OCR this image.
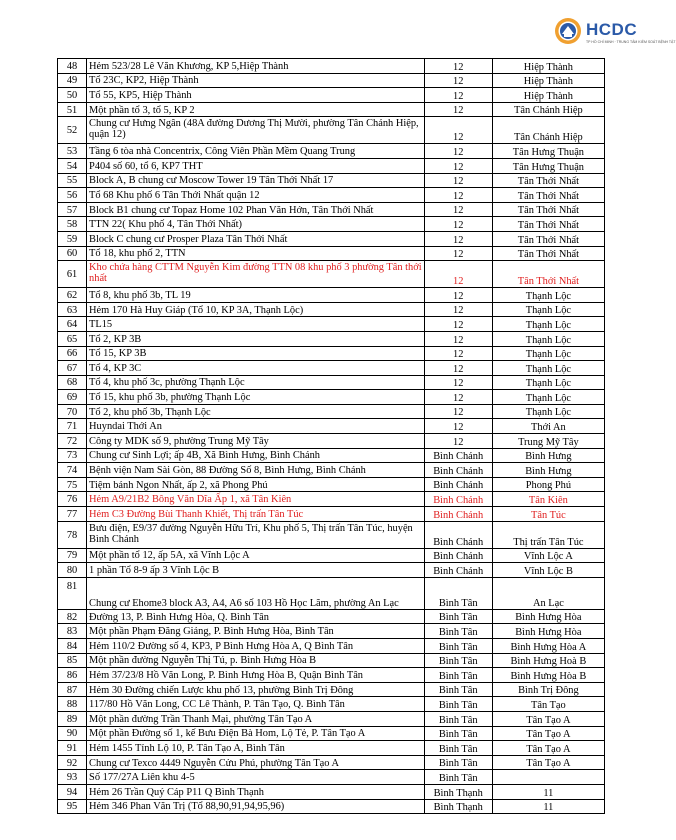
HCDC
TP HỒ CHÍ MINH · TRUNG TÂM KIỂM SOÁT BỆNH TẬT
48	Hẻm 523/28 Lê Văn Khương, KP 5,Hiệp Thành	12	Hiệp Thành
49	Tổ 23C, KP2, Hiệp Thành	12	Hiệp Thành
50	Tổ 55, KP5, Hiệp Thành	12	Hiệp Thành
51	Một phần tổ 3, tổ 5, KP 2	12	Tân Chánh Hiệp
52	Chung cư Hưng Ngân (48A đường Dương Thị Mười, phường Tân Chánh Hiệp, quận 12)	12	Tân Chánh Hiệp
53	Tầng 6 tòa nhà Concentrix, Công Viên Phần Mềm Quang Trung	12	Tân Hưng Thuận
54	P404 số 60, tổ 6, KP7 THT	12	Tân Hưng Thuận
55	Block A, B chung cư Moscow Tower 19 Tân Thới Nhất 17	12	Tân Thới Nhất
56	Tổ 68 Khu phố 6 Tân Thới Nhất quận 12	12	Tân Thới Nhất
57	Block B1 chung cư Topaz Home 102 Phan Văn Hớn, Tân Thới Nhất	12	Tân Thới Nhất
58	TTN 22( Khu phố 4, Tân Thới Nhất)	12	Tân Thới Nhất
59	Block C chung cư Prosper Plaza Tân Thới Nhất	12	Tân Thới Nhất
60	Tổ 18, khu phố 2, TTN	12	Tân Thới Nhất
61	Kho chứa hàng CTTM Nguyễn Kim đường TTN 08 khu phố 3 phường Tân thới nhất	12	Tân Thới Nhất
62	Tổ 8, khu phố 3b, TL 19	12	Thạnh Lộc
63	Hẻm 170 Hà Huy Giáp (Tổ 10, KP 3A, Thạnh Lộc)	12	Thạnh Lộc
64	TL15	12	Thạnh Lộc
65	Tổ 2, KP 3B	12	Thạnh Lộc
66	Tổ 15, KP 3B	12	Thạnh Lộc
67	Tổ 4, KP 3C	12	Thạnh Lộc
68	Tổ 4, khu phố 3c, phường Thạnh Lộc	12	Thạnh Lộc
69	Tổ 15, khu phố 3b, phường Thạnh Lộc	12	Thạnh Lộc
70	Tổ 2, khu phố 3b, Thạnh Lộc	12	Thạnh Lộc
71	Huyndai Thới An	12	Thới An
72	Công ty MDK số 9, phường Trung Mỹ Tây	12	Trung Mỹ Tây
73	Chung cư Sinh Lợi; ấp 4B, Xã Bình Hưng, Bình Chánh	Bình Chánh	Bình Hưng
74	Bệnh viện Nam Sài Gòn, 88 Đường Số 8, Bình Hưng, Bình Chánh	Bình Chánh	Bình Hưng
75	Tiệm bánh Ngon Nhất, ấp 2, xã Phong Phú	Bình Chánh	Phong Phú
76	Hẻm A9/21B2 Bông Văn Dĩa Ấp 1, xã Tân Kiên	Bình Chánh	Tân Kiên
77	Hẻm C3 Đường Bùi Thanh Khiết, Thị trấn Tân Túc	Bình Chánh	Tân Túc
78	Bưu điện, E9/37 đường Nguyễn Hữu Trí, Khu phố 5, Thị trấn Tân Túc, huyện Bình Chánh	Bình Chánh	Thị trấn Tân Túc
79	Một phần tổ 12, ấp 5A, xã Vĩnh Lộc A	Bình Chánh	Vĩnh Lộc A
80	1 phần Tổ 8-9 ấp 3 Vĩnh Lộc B	Bình Chánh	Vĩnh Lộc B
81	Chung cư Ehome3 block A3, A4, A6 số 103 Hồ Học Lãm, phường An Lạc	Bình Tân	An Lạc
82	Đường 13, P. Bình Hưng Hòa, Q. Bình Tân	Bình Tân	Bình Hưng Hòa
83	Một phần Phạm Đăng Giảng, P. Bình Hưng Hòa, Bình Tân	Bình Tân	Bình Hưng Hòa
84	Hẻm 110/2 Đường số 4, KP3, P Bình Hưng Hòa A, Q Bình Tân	Bình Tân	Bình Hưng Hòa A
85	Một phần đường Nguyễn Thị Tú, p. Bình Hưng Hòa B	Bình Tân	Bình Hưng Hoà B
86	Hẻm 37/23/8 Hồ Văn Long, P. Bình Hưng Hòa B, Quận Bình Tân	Bình Tân	Bình Hưng Hòa B
87	Hẻm 30 Đường chiến Lược khu phố 13, phường Bình Trị Đông	Bình Tân	Bình Trị Đông
88	117/80 Hồ Văn Long, CC Lê Thành, P. Tân Tạo, Q. Bình Tân	Bình Tân	Tân Tạo
89	Một phần đường Trần Thanh Mại, phường Tân Tạo A	Bình Tân	Tân Tạo A
90	Một phần Đường số 1, kế Bưu Điện Bà Hom, Lộ Tẻ, P. Tân Tạo A	Bình Tân	Tân Tạo A
91	Hẻm 1455 Tỉnh Lộ 10, P. Tân Tạo A, Bình Tân	Bình Tân	Tân Tạo A
92	Chung cư Texco 4449 Nguyễn Cửu Phú, phường Tân Tạo A	Bình Tân	Tân Tạo A
93	Số 177/27A Liên khu 4-5	Bình Tân	
94	Hẻm 26 Trần Quý Cáp P11 Q Bình Thạnh	Bình Thạnh	11
95	Hẻm 346 Phan Văn Trị (Tổ 88,90,91,94,95,96)	Bình Thạnh	11
